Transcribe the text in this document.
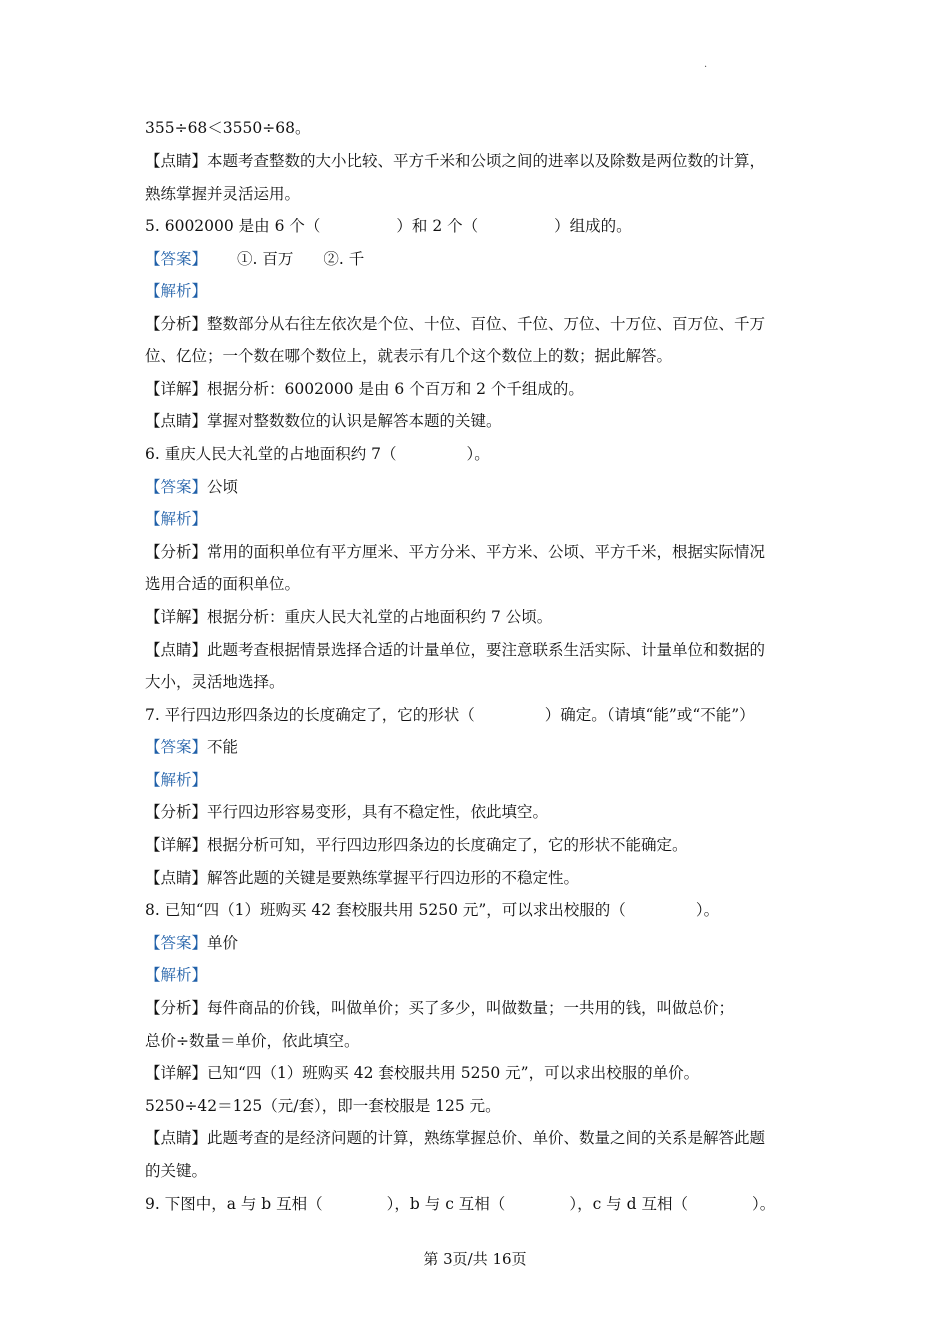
·
355÷68＜3550÷68。
【点睛】本题考查整数的大小比较、平方千米和公顷之间的进率以及除数是两位数的计算，
熟练掌握并灵活运用。
5. 6002000 是由 6 个（	）和 2 个（	）组成的。
【答案】 ①. 百万 ②. 千
【解析】
【分析】整数部分从右往左依次是个位、十位、百位、千位、万位、十万位、百万位、千万
位、亿位；一个数在哪个数位上，就表示有几个这个数位上的数；据此解答。
【详解】根据分析：6002000 是由 6 个百万和 2 个千组成的。
【点睛】掌握对整数数位的认识是解答本题的关键。
6. 重庆人民大礼堂的占地面积约 7（	）。
【答案】公顷
【解析】
【分析】常用的面积单位有平方厘米、平方分米、平方米、公顷、平方千米，根据实际情况
选用合适的面积单位。
【详解】根据分析：重庆人民大礼堂的占地面积约 7 公顷。
【点睛】此题考查根据情景选择合适的计量单位，要注意联系生活实际、计量单位和数据的
大小，灵活地选择。
7. 平行四边形四条边的长度确定了，它的形状（	）确定。（请填“能”或“不能”）
【答案】不能
【解析】
【分析】平行四边形容易变形，具有不稳定性，依此填空。
【详解】根据分析可知，平行四边形四条边的长度确定了，它的形状不能确定。
【点睛】解答此题的关键是要熟练掌握平行四边形的不稳定性。
8. 已知“四（1）班购买 42 套校服共用 5250 元”，可以求出校服的（	）。
【答案】单价
【解析】
【分析】每件商品的价钱，叫做单价；买了多少，叫做数量；一共用的钱，叫做总价；
总价÷数量＝单价，依此填空。
【详解】已知“四（1）班购买 42 套校服共用 5250 元”，可以求出校服的单价。
5250÷42＝125（元/套），即一套校服是 125 元。
【点睛】此题考查的是经济问题的计算，熟练掌握总价、单价、数量之间的关系是解答此题
的关键。
9. 下图中，a 与 b 互相（	），b 与 c 互相（	），c 与 d 互相（	）。
第 3页/共 16页
